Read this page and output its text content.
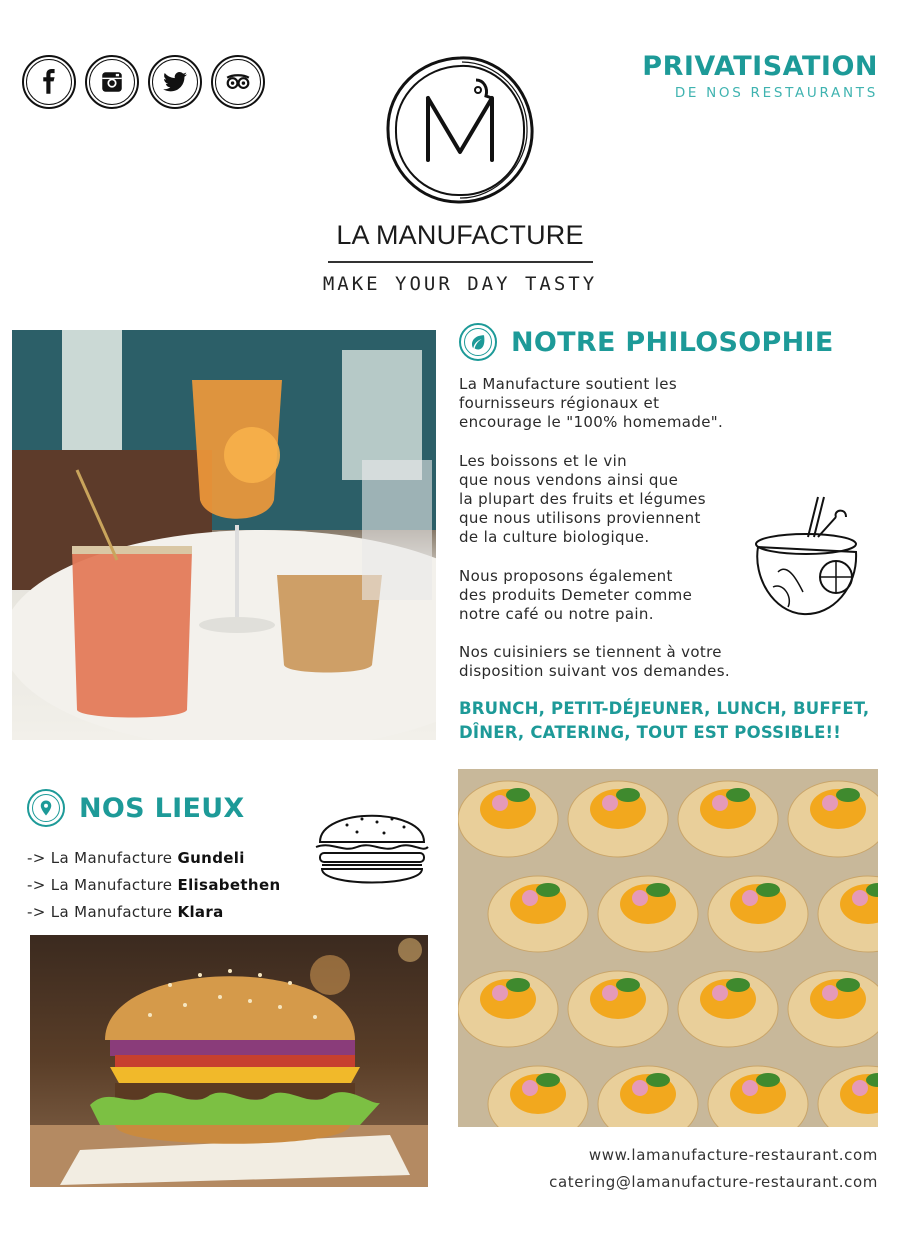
PRIVATISATION
DE NOS RESTAURANTS
LA MANUFACTURE
MAKE YOUR DAY TASTY
NOTRE PHILOSOPHIE
La Manufacture soutient les
fournisseurs régionaux et
encourage le "100% homemade".
Les boissons et le vin
que nous vendons ainsi que
la plupart des fruits et légumes
que nous utilisons proviennent
de la culture biologique.
Nous proposons également
des produits Demeter comme
notre café ou notre pain.
Nos cuisiniers se tiennent à votre
disposition suivant vos demandes.
BRUNCH, PETIT-DÉJEUNER, LUNCH, BUFFET,
DÎNER, CATERING, TOUT EST POSSIBLE!!
NOS LIEUX
-> La Manufacture Gundeli
-> La Manufacture Elisabethen
-> La Manufacture Klara
www.lamanufacture-restaurant.com
catering@lamanufacture-restaurant.com
